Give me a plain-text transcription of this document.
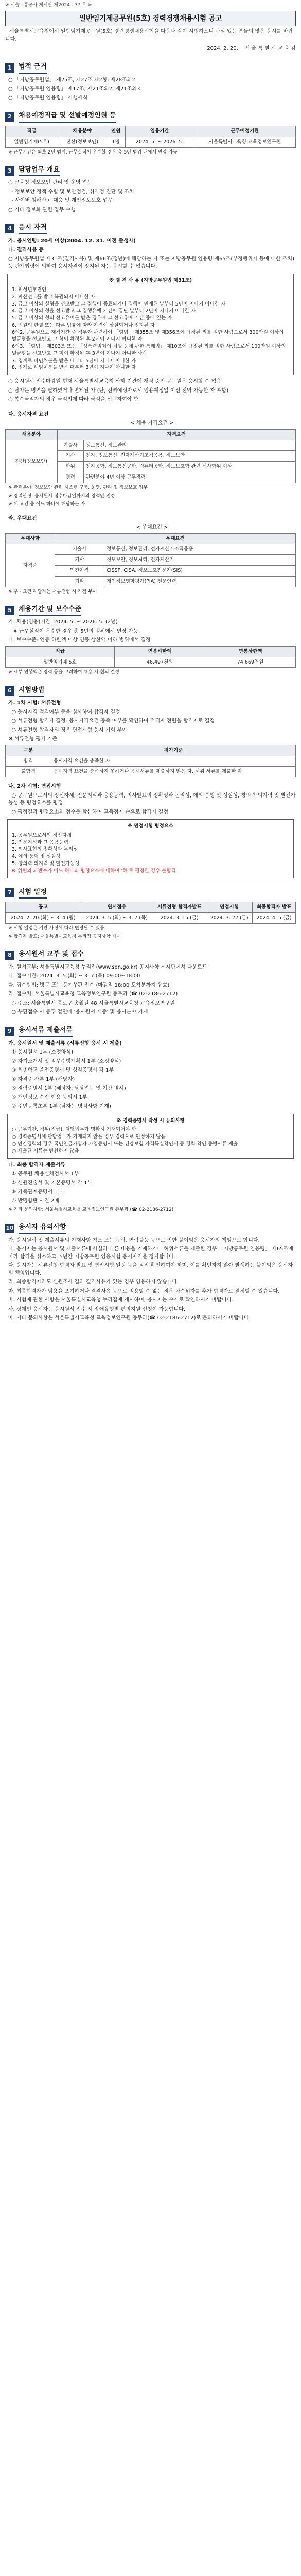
※ 서울교통공사 게시판 제2024 - 37 호 ※
일반임기제공무원(5호) 경력경쟁채용시험 공고
서울특별시교육청에서 일반임기제공무원(5호) 경력경쟁채용시험을 다음과 같이 시행하오니 관심 있는 분들의 많은 응시를 바랍니다.
2024. 2. 20. 서 울 특 별 시 교 육 감
1	법적 근거
○ 「지방공무원법」 제25조, 제27조 제2항, 제28조의2
○ 「지방공무원 임용령」 제17조, 제21조의2, 제21조의3
○ 「지방공무원 임용령」 시행세칙
2	채용예정직급 및 선발예정인원 등
직급	채용분야	인원	임용기간	근무예정기관
일반임기제(5호)	전산(정보보안)	1명	2024. 5. ~ 2026. 5.	서울특별시교육청 교육정보연구원
※ 근무기간은 최초 2년 범위, 근무실적이 우수할 경우 총 5년 범위 내에서 연장 가능
3	담당업무 개요
○ 교육청 정보보안 관리 및 운영 업무
- 정보보안 정책 수립 및 보안점검, 취약점 진단 및 조치
- 사이버 침해사고 대응 및 개인정보보호 업무
○ 기타 정보화 관련 업무 수행
4	응시 자격
가. 응시연령: 20세 이상(2004. 12. 31. 이전 출생자)
나. 결격사유 등
○ 지방공무원법 제31조(결격사유) 및 제66조(정년)에 해당하는 자 또는 지방공무원 임용령 제65조(부정행위자 등에 대한 조치) 등 관계법령에 의하여 응시자격이 정지된 자는 응시할 수 없습니다.
※ 결 격 사 유 (지방공무원법 제31조)
1. 피성년후견인
2. 파산선고를 받고 복권되지 아니한 자
3. 금고 이상의 실형을 선고받고 그 집행이 종료되거나 집행이 면제된 날부터 5년이 지나지 아니한 자
4. 금고 이상의 형을 선고받고 그 집행유예 기간이 끝난 날부터 2년이 지나지 아니한 자
5. 금고 이상의 형의 선고유예를 받은 경우에 그 선고유예 기간 중에 있는 자
6. 법원의 판결 또는 다른 법률에 따라 자격이 상실되거나 정지된 자
6의2. 공무원으로 재직기간 중 직무와 관련하여 「형법」 제355조 및 제356조에 규정된 죄를 범한 사람으로서 300만원 이상의 벌금형을 선고받고 그 형이 확정된 후 2년이 지나지 아니한 자
6의3. 「형법」 제303조 또는 「성폭력범죄의 처벌 등에 관한 특례법」 제10조에 규정된 죄를 범한 사람으로서 100만원 이상의 벌금형을 선고받고 그 형이 확정된 후 3년이 지나지 아니한 사람
7. 징계로 파면처분을 받은 때부터 5년이 지나지 아니한 자
8. 징계로 해임처분을 받은 때부터 3년이 지나지 아니한 자
○ 응시원서 접수마감일 현재 서울특별시교육청 산하 기관에 재직 중인 공무원은 응시할 수 없음
○ 남자는 병역을 필하였거나 면제된 자 (단, 전역예정자로서 임용예정일 이전 전역 가능한 자 포함)
○ 복수국적자의 경우 국적법에 따라 국적을 선택하여야 함
다. 응시자격 요건
< 채용 자격요건 >
채용분야	자격요건	
전산(정보보안)	기술사	정보통신, 정보관리
	기사	전자, 정보통신, 전자계산기조직응용, 정보보안
	학위	전자공학, 정보통신공학, 컴퓨터공학, 정보보호학 관련 석사학위 이상
	경력	관련분야 4년 이상 근무경력
※ 관련분야: 정보보안 관련 시스템 구축, 운영, 관리 및 정보보호 업무
※ 경력산정: 응시원서 접수마감일까지의 경력만 인정
※ 위 요건 중 어느 하나에 해당하는 자
라. 우대요건
< 우대요건 >
우대사항	우대요건	
자격증	기술사	정보통신, 정보관리, 전자계산기조직응용
	기사	정보보안, 정보처리, 전자계산기
	민간자격	CISSP, CISA, 정보보호전문가(SIS)
	기타	개인정보영향평가(PIA) 전문인력
※ 우대요건 해당자는 서류전형 시 가점 부여
5	채용기간 및 보수수준
가. 채용(임용)기간: 2024. 5. ~ 2026. 5. (2년)
※ 근무실적이 우수한 경우 총 5년의 범위에서 연장 가능
나. 보수수준: 연봉 하한액 이상 연봉 상한액 이하 범위에서 결정
직급	연봉하한액	연봉상한액
일반임기제 5호	46,497천원	74,669천원
※ 세부 연봉액은 경력 등을 고려하여 채용 시 협의 결정
6	시험방법
가. 1차 시험: 서류전형
○ 응시자격 적격여부 등을 심사하여 합격자 결정
○ 서류전형 합격자 결정: 응시자격요건 충족 여부를 확인하여 적격자 전원을 합격자로 결정
○ 서류전형 합격자의 경우 면접시험 응시 기회 부여
※ 서류전형 평가 기준
구분	평가기준
합격	응시자격 요건을 충족한 자
불합격	응시자격 요건을 충족하지 못하거나 응시서류를 제출하지 않은 자, 허위 서류를 제출한 자
나. 2차 시험: 면접시험
○ 공무원으로서의 정신자세, 전문지식과 응용능력, 의사발표의 정확성과 논리성, 예의·품행 및 성실성, 창의력·의지력 및 발전가능성 등 평정요소를 평정
○ 평정결과 평정요소의 점수를 합산하여 고득점자 순으로 합격자 결정
※ 면접시험 평정요소
1. 공무원으로서의 정신자세
2. 전문지식과 그 응용능력
3. 의사표현의 정확성과 논리성
4. 예의·품행 및 성실성
5. 창의력·의지력 및 발전가능성
※ 위원의 과반수가 어느 하나의 평정요소에 대하여 '하'로 평정한 경우 불합격
7	시험 일정
공고	원서접수	서류전형 합격자발표	면접시험	최종합격자 발표
2024. 2. 20.(화) ~ 3. 4.(월)	2024. 3. 5.(화) ~ 3. 7.(목)	2024. 3. 15.(금)	2024. 3. 22.(금)	2024. 4. 5.(금)
※ 시험 일정은 기관 사정에 따라 변경될 수 있음
※ 합격자 발표: 서울특별시교육청 누리집 공지사항 게시
8	응시원서 교부 및 접수
가. 원서교부: 서울특별시교육청 누리집(www.sen.go.kr) 공지사항 게시판에서 다운로드
나. 접수기간: 2024. 3. 5.(화) ~ 3. 7.(목) 09:00~18:00
다. 접수방법: 방문 또는 등기우편 접수 (마감일 18:00 도착분까지 유효)
라. 접수처: 서울특별시교육청 교육정보연구원 총무과 (☎ 02-2186-2712)
○ 주소: 서울특별시 종로구 송월길 48 서울특별시교육청 교육정보연구원
○ 우편접수 시 봉투 겉면에 '응시원서 재중' 및 응시분야 기재
9	응시서류 제출서류
가. 응시원서 및 제출서류 (서류전형 응시 시 제출)
① 응시원서 1부 (소정양식)
② 자기소개서 및 직무수행계획서 1부 (소정양식)
③ 최종학교 졸업증명서 및 성적증명서 각 1부
④ 자격증 사본 1부 (해당자)
⑤ 경력증명서 1부 (해당자, 담당업무 및 기간 명시)
⑥ 개인정보 수집·이용 동의서 1부
⑦ 주민등록초본 1부 (남자는 병적사항 기재)
※ 경력증명서 작성 시 유의사항
○ 근무기간, 직위(직급), 담당업무가 명확히 기재되어야 함
○ 경력증명서에 담당업무가 기재되지 않은 경우 경력으로 인정하지 않음
○ 민간경력의 경우 국민연금가입자 가입증명서 또는 건강보험 자격득실확인서 등 경력 확인 증빙서류 제출
○ 제출된 서류는 반환하지 않음
나. 최종 합격자 제출서류
① 공무원 채용신체검사서 1부
② 신원진술서 및 기본증명서 각 1부
③ 가족관계증명서 1부
④ 반명함판 사진 2매
※ 기타 문의사항: 서울특별시교육청 교육정보연구원 총무과 (☎ 02-2186-2712)
10 응시자 유의사항
가. 응시원서 및 제출서류의 기재사항 착오 또는 누락, 연락불능 등으로 인한 불이익은 응시자의 책임으로 합니다.
나. 응시자는 응시원서 및 제출서류에 사실과 다른 내용을 기재하거나 허위서류를 제출한 경우 「지방공무원 임용령」 제65조에 따라 합격을 취소하고, 5년간 지방공무원 임용시험 응시자격을 정지합니다.
다. 응시자는 서류전형 합격자 발표 및 면접시험 일정 등을 직접 확인하여야 하며, 이를 확인하지 않아 발생하는 불이익은 응시자의 책임입니다.
라. 최종합격자라도 신원조사 결과 결격사유가 있는 경우 임용하지 않습니다.
마. 최종합격자가 임용을 포기하거나 결격사유 등으로 임용할 수 없는 경우 차순위자를 추가 합격자로 결정할 수 있습니다.
바. 시험에 관한 사항은 서울특별시교육청 누리집에 게시하며, 응시자는 수시로 확인하시기 바랍니다.
사. 장애인 응시자는 응시원서 접수 시 장애유형별 편의지원 신청이 가능합니다.
아. 기타 문의사항은 서울특별시교육청 교육정보연구원 총무과(☎ 02-2186-2712)로 문의하시기 바랍니다.
